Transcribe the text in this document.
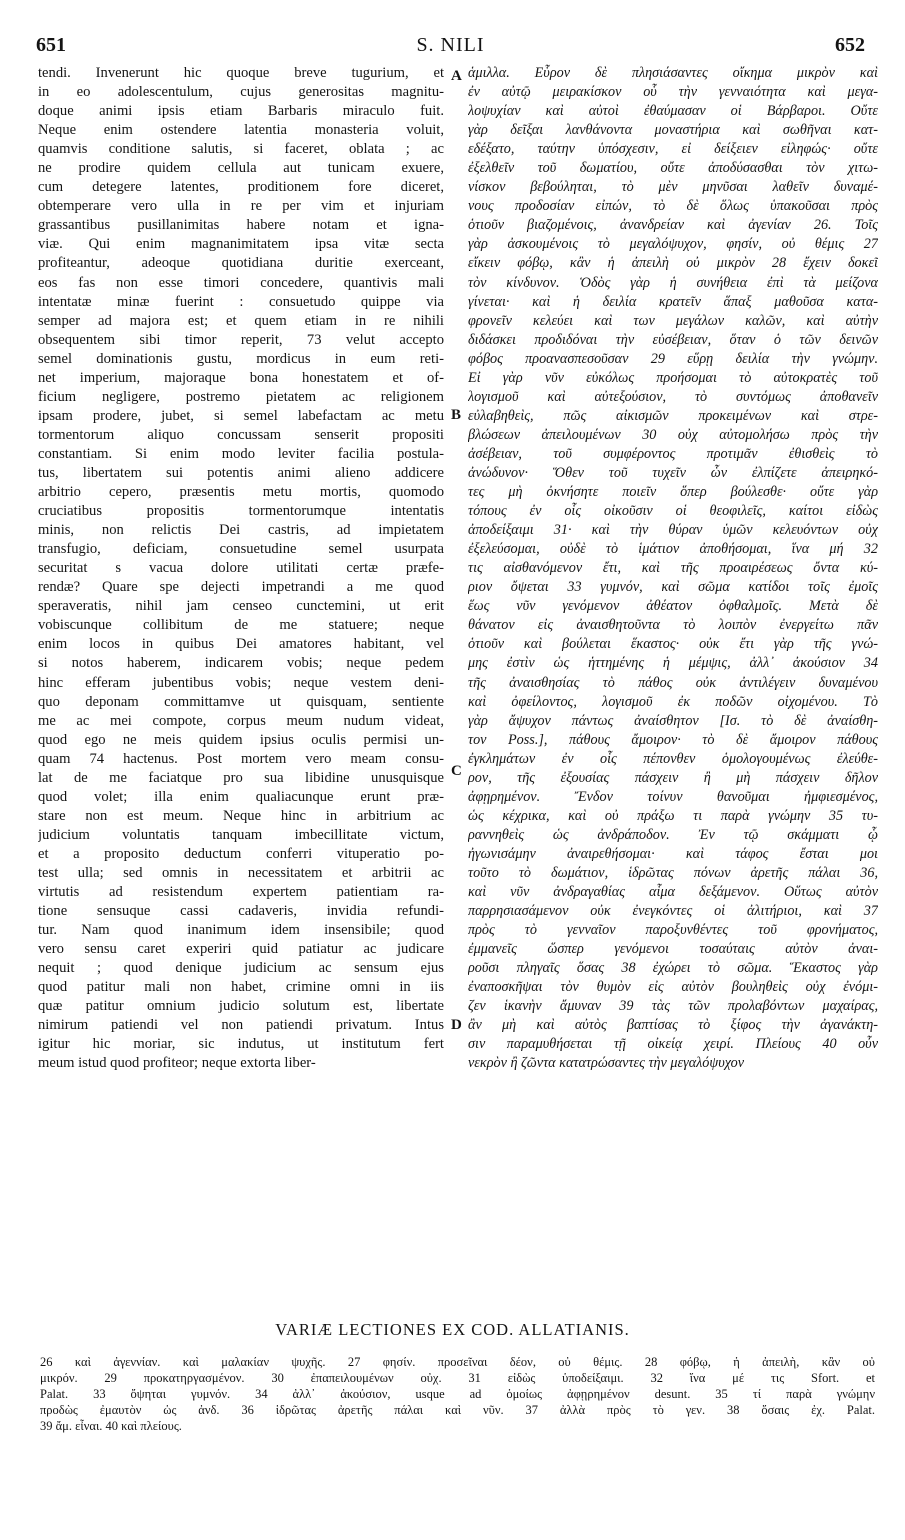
651	S. NILI	652
tendi. Invenerunt hic quoque breve tugurium, et
in eo adolescentulum, cujus generositas magnitu-
doque animi ipsis etiam Barbaris miraculo fuit.
Neque enim ostendere latentia monasteria voluit,
quamvis conditione salutis, si faceret, oblata ; ac
ne prodire quidem cellula aut tunicam exuere,
cum detegere latentes, proditionem fore diceret,
obtemperare vero ulla in re per vim et injuriam
grassantibus pusillanimitas habere notam et igna-
viæ. Qui enim magnanimitatem ipsa vitæ secta
profiteantur, adeoque quotidiana duritie exerceant,
eos fas non esse timori concedere, quantivis mali
intentatæ minæ fuerint : consuetudo quippe via
semper ad majora est; et quem etiam in re nihili
obsequentem sibi timor reperit, 73 velut accepto
semel dominationis gustu, mordicus in eum reti-
net imperium, majoraque bona honestatem et of-
ficium negligere, postremo pietatem ac religionem
ipsam prodere, jubet, si semel labefactam ac metu
tormentorum aliquo concussam senserit propositi
constantiam. Si enim modo leviter facilia postula-
tus, libertatem sui potentis animi alieno addicere
arbitrio cepero, præsentis metu mortis, quomodo
cruciatibus propositis tormentorumque intentatis
minis, non relictis Dei castris, ad impietatem
transfugio, deficiam, consuetudine semel usurpata
securitat s vacua dolore utilitati certæ præfe-
rendæ? Quare spe dejecti impetrandi a me quod
speraveratis, nihil jam censeo cunctemini, ut erit
vobiscunque collibitum de me statuere; neque
enim locos in quibus Dei amatores habitant, vel
si notos haberem, indicarem vobis; neque pedem
hinc efferam jubentibus vobis; neque vestem deni-
quo deponam committamve ut quisquam, sentiente
me ac mei compote, corpus meum nudum videat,
quod ego ne meis quidem ipsius oculis permisi un-
quam 74 hactenus. Post mortem vero meam consu-
lat de me faciatque pro sua libidine unusquisque
quod volet; illa enim qualiacunque erunt præ-
stare non est meum. Neque hinc in arbitrium ac
judicium voluntatis tanquam imbecillitate victum,
et a proposito deductum conferri vituperatio po-
test ulla; sed omnis in necessitatem et arbitrii ac
virtutis ad resistendum expertem patientiam ra-
tione sensuque cassi cadaveris, invidia refundi-
tur. Nam quod inanimum idem insensibile; quod
vero sensu caret experiri quid patiatur ac judicare
nequit ; quod denique judicium ac sensum ejus
quod patitur mali non habet, crimine omni in iis
quæ patitur omnium judicio solutum est, libertate
nimirum patiendi vel non patiendi privatum. Intus
igitur hic moriar, sic indutus, ut institutum fert
meum istud quod profiteor; neque extorta liber-
ἁμιλλα. Εὗρον δὲ πλησιάσαντες οἴκημα μικρὸν καὶ
ἐν αὐτῷ μειρακίσκον οὗ τὴν γενναιότητα καὶ μεγα-
λοψυχίαν καὶ αὐτοὶ ἐθαύμασαν οἱ Βάρβαροι. Οὔτε
γὰρ δεῖξαι λανθάνοντα μοναστήρια καὶ σωθῆναι κατ-
εδέξατο, ταύτην ὑπόσχεσιν, εἰ δείξειεν εἰληφώς· οὔτε
ἐξελθεῖν τοῦ δωματίου, οὔτε ἀποδύσασθαι τὸν χιτω-
νίσκον βεβούληται, τὸ μὲν μηνῦσαι λαθεῖν δυναμέ-
νους προδοσίαν εἰπών, τὸ δὲ ὅλως ὑπακοῦσαι πρὸς
ὁτιοῦν βιαζομένοις, ἀνανδρείαν καὶ ἀγενίαν 26. Τοῖς
γὰρ ἀσκουμένοις τὸ μεγαλόψυχον, φησίν, οὐ θέμις 27
εἴκειν φόβῳ, κἂν ἡ ἀπειλὴ οὐ μικρὸν 28 ἔχειν δοκεῖ
τὸν κίνδυνον. Ὁδὸς γὰρ ἡ συνήθεια ἐπὶ τὰ μείζονα
γίνεται· καὶ ἡ δειλία κρατεῖν ἅπαξ μαθοῦσα κατα-
φρονεῖν κελεύει καὶ των μεγάλων καλῶν, καὶ αὐτὴν
διδάσκει προδιδόναι τὴν εὐσέβειαν, ὅταν ὁ τῶν δεινῶν
φόβος προανασπεσοῦσαν 29 εὕρῃ δειλία τὴν γνώμην.
Εἰ γὰρ νῦν εὐκόλως προήσομαι τὸ αὐτοκρατὲς τοῦ
λογισμοῦ καὶ αὐτεξούσιον, τὸ συντόμως ἀποθανεῖν
εὐλαβηθεὶς, πῶς αἰκισμῶν προκειμένων καὶ στρε-
βλώσεων ἀπειλουμένων 30 οὐχ αὐτομολήσω πρὸς τὴν
ἀσέβειαν, τοῦ συμφέροντος προτιμᾶν ἐθισθεὶς τὸ
ἀνώδυνον· Ὅθεν τοῦ τυχεῖν ὧν ἐλπίζετε ἀπειρηκό-
τες μὴ ὀκνήσητε ποιεῖν ὅπερ βούλεσθε· οὔτε γὰρ
τόπους ἐν οἷς οἰκοῦσιν οἱ θεοφιλεῖς, καίτοι εἰδὼς
ἀποδείξαιμι 31· καὶ τὴν θύραν ὑμῶν κελευόντων οὐχ
ἐξελεύσομαι, οὐδὲ τὸ ἱμάτιον ἀποθήσομαι, ἵνα μή 32
τις αἰσθανόμενον ἔτι, καὶ τῆς προαιρέσεως ὄντα κύ-
ριον ὄψεται 33 γυμνόν, καὶ σῶμα κατίδοι τοῖς ἐμοῖς
ἕως νῦν γενόμενον ἀθέατον ὀφθαλμοῖς. Μετὰ δὲ
θάνατον εἰς ἀναισθητοῦντα τὸ λοιπὸν ἐνεργείτω πᾶν
ὁτιοῦν καὶ βούλεται ἕκαστος· οὐκ ἔτι γὰρ τῆς γνώ-
μης ἐστὶν ὡς ἡττημένης ἡ μέμψις, ἀλλ᾽ ἀκούσιον 34
τῆς ἀναισθησίας τὸ πάθος οὐκ ἀντιλέγειν δυναμένου
καὶ ὀφείλοντος, λογισμοῦ ἐκ ποδῶν οἰχομένου. Τὸ
γὰρ ἄψυχον πάντως ἀναίσθητον [Ισ. τὸ δὲ ἀναίσθη-
τον Poss.], πάθους ἄμοιρον· τὸ δὲ ἄμοιρον πάθους
ἐγκλημάτων ἐν οἷς πέπονθεν ὁμολογουμένως ἐλεύθε-
ρον, τῆς ἐξουσίας πάσχειν ἢ μὴ πάσχειν δῆλον
ἀφῃρημένον. Ἔνδον τοίνυν θανοῦμαι ἠμφιεσμένος,
ὡς κέχρικα, καὶ οὐ πράξω τι παρὰ γνώμην 35 τυ-
ραννηθεὶς ὡς ἀνδράποδον. Ἐν τῷ σκάμματι ᾧ
ἠγωνισάμην ἀναιρεθήσομαι· καὶ τάφος ἔσται μοι
τοῦτο τὸ δωμάτιον, ἱδρῶτας πόνων ἀρετῆς πάλαι 36,
καὶ νῦν ἀνδραγαθίας αἷμα δεξάμενον. Οὕτως αὐτὸν
παρρησιασάμενον οὐκ ἐνεγκόντες οἱ ἀλιτήριοι, καὶ 37
πρὸς τὸ γενναῖον παροξυνθέντες τοῦ φρονήματος,
ἐμμανεῖς ὥσπερ γενόμενοι τοσαύταις αὐτὸν ἀναι-
ροῦσι πληγαῖς ὅσας 38 ἐχώρει τὸ σῶμα. Ἕκαστος γὰρ
ἐναποσκῆψαι τὸν θυμὸν εἰς αὐτὸν βουληθεὶς οὐχ ἐνόμι-
ζεν ἱκανὴν ἄμυναν 39 τὰς τῶν προλαβόντων μαχαίρας,
ἂν μὴ καὶ αὐτὸς βαπτίσας τὸ ξίφος τὴν ἀγανάκτη-
σιν παραμυθήσεται τῇ οἰκείᾳ χειρί. Πλείους 40 οὖν
νεκρὸν ἢ ζῶντα κατατρώσαντες τὴν μεγαλόψυχον
A
B
C
D
VARIÆ LECTIONES EX COD. ALLATIANIS.
26 καὶ ἀγεννίαν. καὶ μαλακίαν ψυχῆς. 27 φησίν. προσεῖναι δέον, οὐ θέμις. 28 φόβῳ, ἡ ἀπειλὴ, κἂν οὐ
μικρόν. 29 προκατηργασμένον. 30 ἐπαπειλουμένων οὐχ. 31 εἰδὼς ὑποδείξαιμι. 32 ἵνα μέ τις Sfort. et
Palat. 33 ὄψηται γυμνόν. 34 ἀλλ᾽ ἀκούσιον, usque ad ὁμοίως ἀφῃρημένον desunt. 35 τί παρὰ γνώμην
προδὼς ἐμαυτὸν ὡς ἀνδ. 36 ἱδρῶτας ἀρετῆς πάλαι καὶ νῦν. 37 ἀλλὰ πρὸς τὸ γεν. 38 ὅσαις ἐχ. Palat.
39 ἄμ. εἶναι. 40 καὶ πλείους.
